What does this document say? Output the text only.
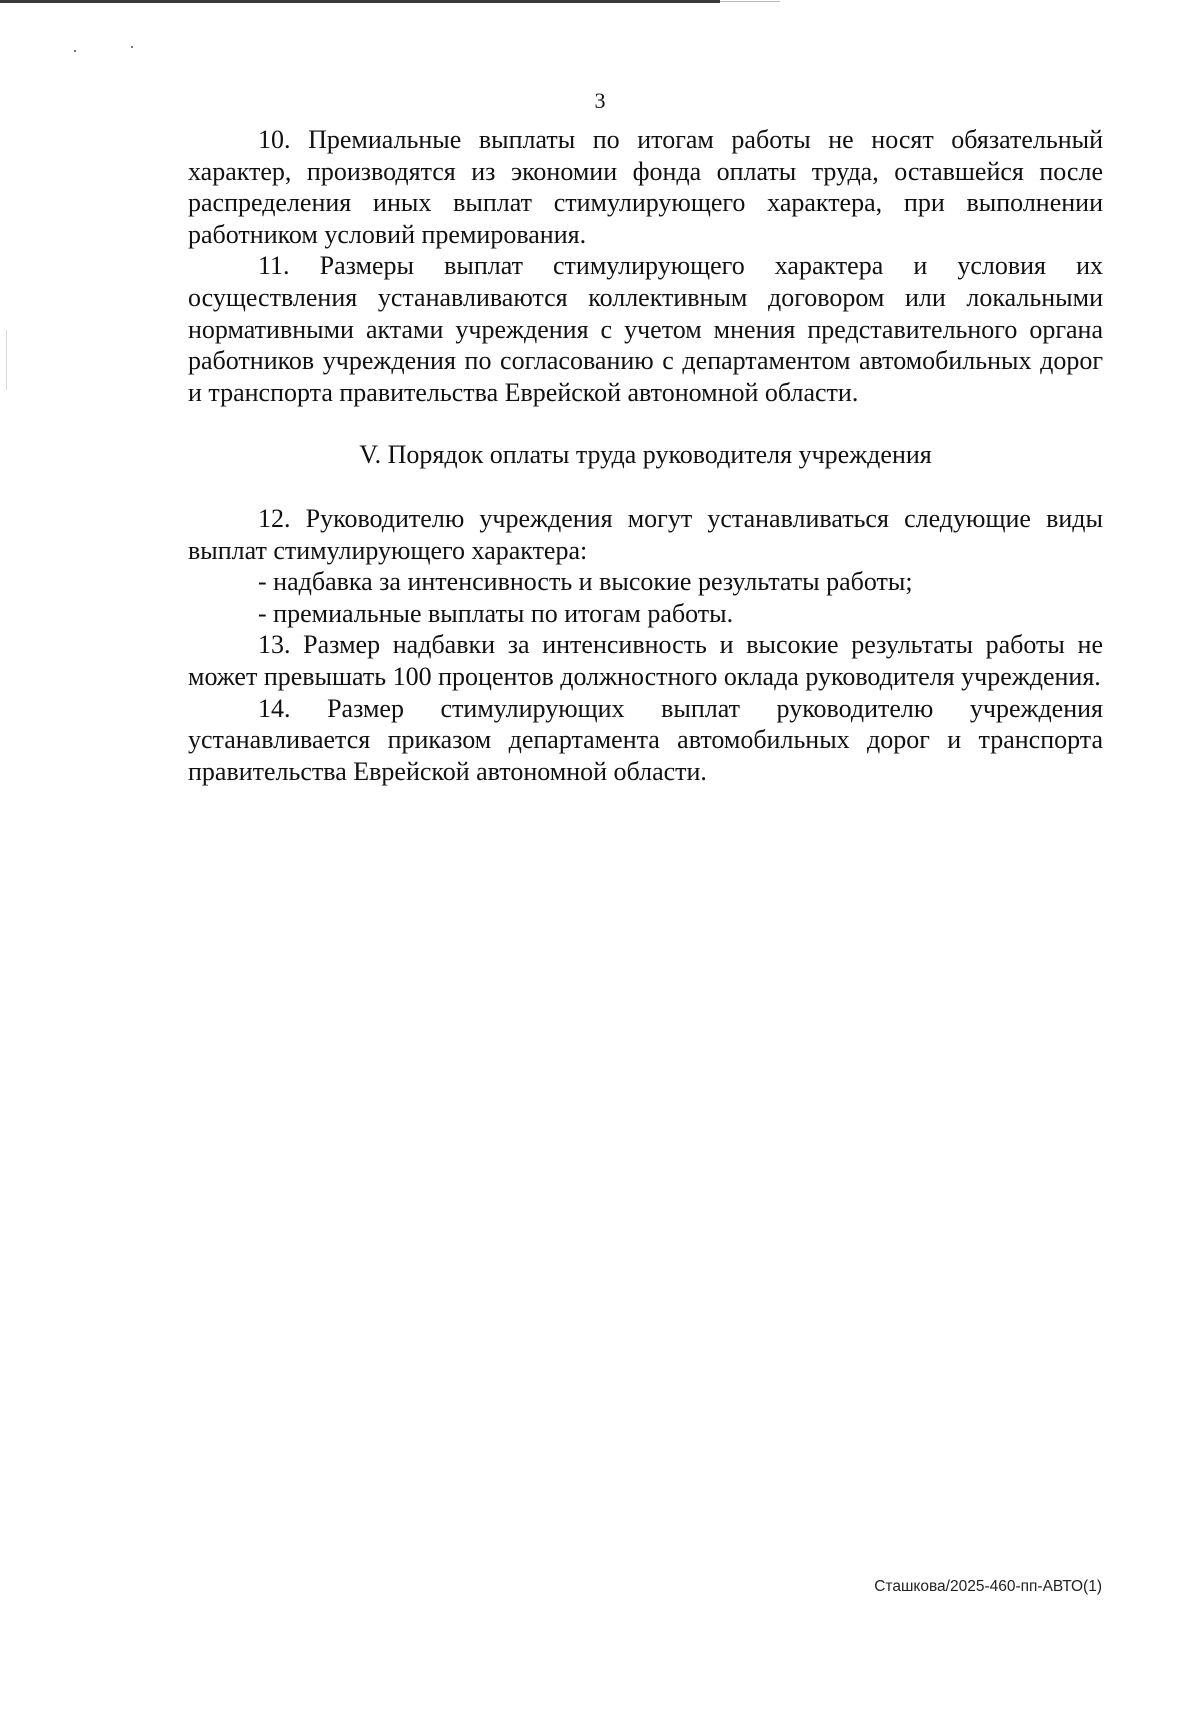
3

10. Премиальные выплаты по итогам работы не носят обязательный характер, производятся из экономии фонда оплаты труда, оставшейся после распределения иных выплат стимулирующего характера, при выполнении работником условий премирования.

11. Размеры выплат стимулирующего характера и условия их осуществления устанавливаются коллективным договором или локальными нормативными актами учреждения с учетом мнения представительного органа работников учреждения по согласованию с департаментом автомобильных дорог и транспорта правительства Еврейской автономной области.

V. Порядок оплаты труда руководителя учреждения

12. Руководителю учреждения могут устанавливаться следующие виды выплат стимулирующего характера:

- надбавка за интенсивность и высокие результаты работы;

- премиальные выплаты по итогам работы.

13. Размер надбавки за интенсивность и высокие результаты работы не может превышать 100 процентов должностного оклада руководителя учреждения.

14. Размер стимулирующих выплат руководителю учреждения устанавливается приказом департамента автомобильных дорог и транспорта правительства Еврейской автономной области.

Сташкова/2025-460-пп-АВТО(1)
